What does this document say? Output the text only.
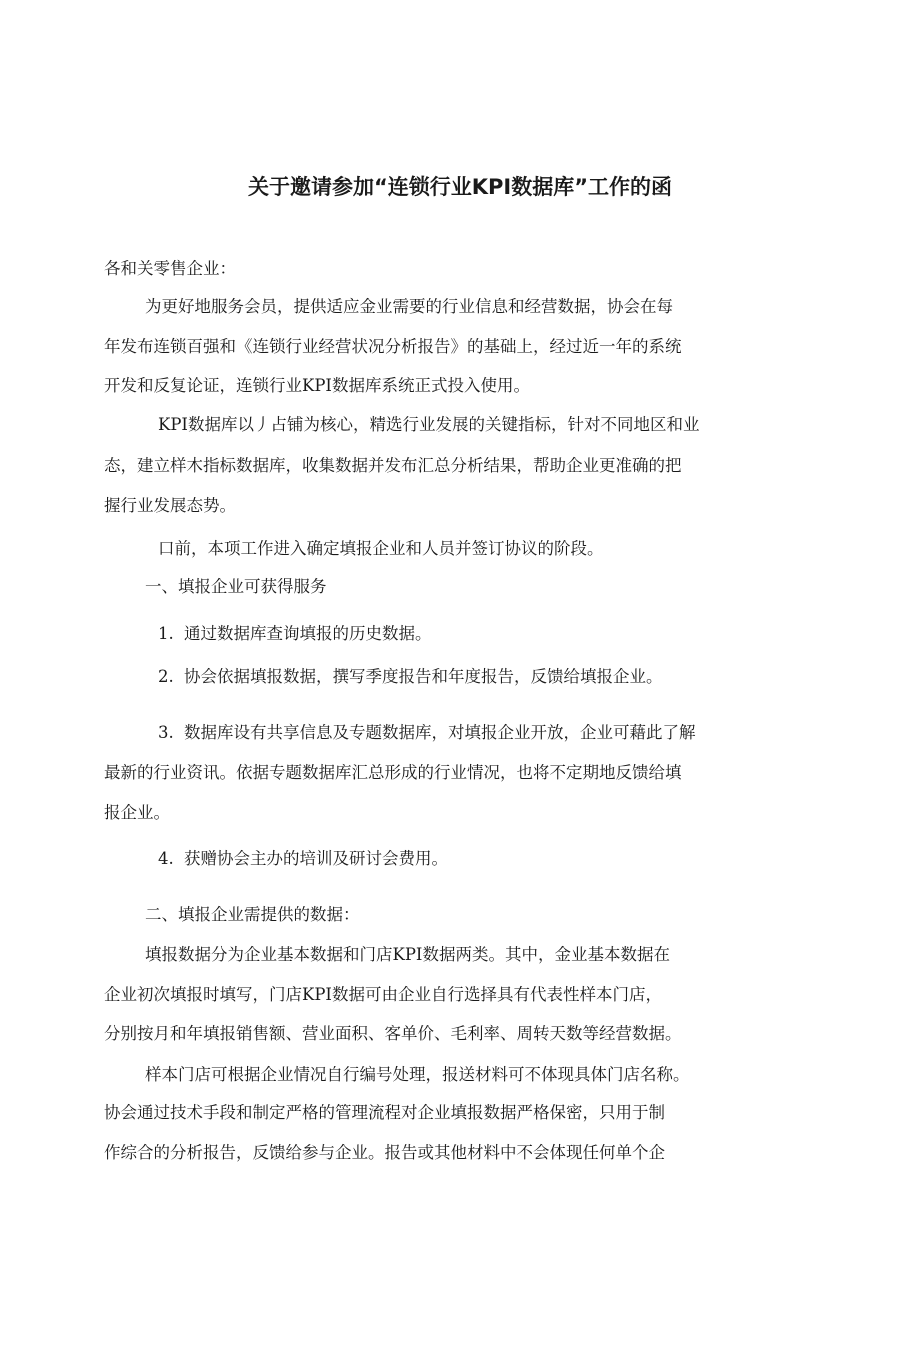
关于邀请参加“连锁行业KPI数据库”工作的函
各和关零售企业：
为更好地服务会员，提供适应金业需要的行业信息和经营数据，协会在每
年发布连锁百强和《连锁行业经营状况分析报告》的基础上，经过近一年的系统
开发和反复论证，连锁行业KPI数据库系统正式投入使用。
KPI数据库以丿占铺为核心，精选行业发展的关键指标，针对不同地区和业
态，建立样木指标数据库，收集数据并发布汇总分析结果，帮助企业更准确的把
握行业发展态势。
口前，本项工作进入确定填报企业和人员并签订协议的阶段。
一、填报企业可获得服务
1. 通过数据库查询填报的历史数据。
2. 协会依据填报数据，撰写季度报告和年度报告，反馈给填报企业。
3. 数据库设有共享信息及专题数据库，对填报企业开放，企业可藉此了解
最新的行业资讯。依据专题数据库汇总形成的行业情况，也将不定期地反馈给填
报企业。
4. 获赠协会主办的培训及研讨会费用。
二、填报企业需提供的数据：
填报数据分为企业基本数据和门店KPI数据两类。其中，金业基本数据在
企业初次填报时填写，门店KPI数据可由企业自行选择具有代表性样本门店，
分别按月和年填报销售额、营业面积、客单价、毛利率、周转天数等经营数据。
样本门店可根据企业情况自行编号处理，报送材料可不体现具体门店名称。
协会通过技术手段和制定严格的管理流程对企业填报数据严格保密，只用于制
作综合的分析报告，反馈给参与企业。报告或其他材料中不会体现任何单个企
